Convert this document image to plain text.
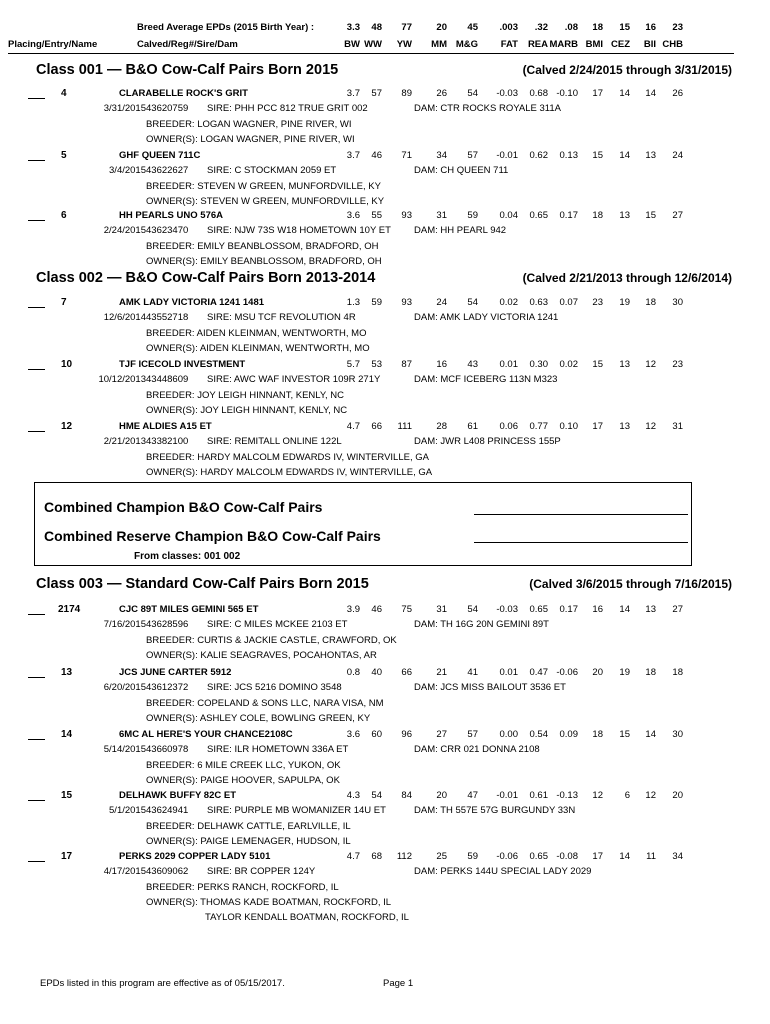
Breed Average EPDs (2015 Birth Year) :
Placing/Entry/Name	Calved/Reg#/Sire/Dam
3.3	48	77	20	45	.003	.32	.08	18	15	16	23
BW WW	YW	MM M&G	FAT	REA MARB BMI CEZ	BII CHB
Class 001 — B&O Cow-Calf Pairs Born 2015	(Calved 2/24/2015 through 3/31/2015)
4	CLARABELLE ROCK'S GRIT	3.7	57	89	26	54	-0.03	0.68 -0.10	17	14	14	26
3/31/2015 43620759 SIRE: PHH PCC 812 TRUE GRIT 002	DAM: CTR ROCKS ROYALE 311A
BREEDER: LOGAN WAGNER, PINE RIVER, WI
OWNER(S): LOGAN WAGNER, PINE RIVER, WI
5	GHF QUEEN 711C	3.7	46	71	34	57	-0.01	0.62	0.13	15	14	13	24
3/4/2015 43622627 SIRE: C STOCKMAN 2059 ET	DAM: CH QUEEN 711
BREEDER: STEVEN W GREEN, MUNFORDVILLE, KY
OWNER(S): STEVEN W GREEN, MUNFORDVILLE, KY
6	HH PEARLS UNO 576A	3.6	55	93	31	59	0.04	0.65	0.17	18	13	15	27
2/24/2015 43623470 SIRE: NJW 73S W18 HOMETOWN 10Y ET DAM: HH PEARL 942
BREEDER: EMILY BEANBLOSSOM, BRADFORD, OH
OWNER(S): EMILY BEANBLOSSOM, BRADFORD, OH
Class 002 — B&O Cow-Calf Pairs Born 2013-2014	(Calved 2/21/2013 through 12/6/2014)
7	AMK LADY VICTORIA 1241 1481	1.3	59	93	24	54	0.02	0.63	0.07	23	19	18	30
12/6/2014 43552718 SIRE: MSU TCF REVOLUTION 4R	DAM: AMK LADY VICTORIA 1241
BREEDER: AIDEN KLEINMAN, WENTWORTH, MO
OWNER(S): AIDEN KLEINMAN, WENTWORTH, MO
10	TJF ICECOLD INVESTMENT	5.7	53	87	16	43	0.01	0.30	0.02	15	13	12	23
10/12/2013 43448609 SIRE: AWC WAF INVESTOR 109R 271Y	DAM: MCF ICEBERG 113N M323
BREEDER: JOY LEIGH HINNANT, KENLY, NC
OWNER(S): JOY LEIGH HINNANT, KENLY, NC
12	HME ALDIES A15 ET	4.7	66	111	28	61	0.06	0.77	0.10	17	13	12	31
2/21/2013 43382100 SIRE: REMITALL ONLINE 122L	DAM: JWR L408 PRINCESS 155P
BREEDER: HARDY MALCOLM EDWARDS IV, WINTERVILLE, GA
OWNER(S): HARDY MALCOLM EDWARDS IV, WINTERVILLE, GA
Class 003 — Standard Cow-Calf Pairs Born 2015	(Calved 3/6/2015 through 7/16/2015)
2174	CJC 89T MILES GEMINI 565 ET	3.9	46	75	31	54	-0.03	0.65	0.17	16	14	13	27
7/16/2015 43628596 SIRE: C MILES MCKEE 2103 ET	DAM: TH 16G 20N GEMINI 89T
BREEDER: CURTIS & JACKIE CASTLE, CRAWFORD, OK
OWNER(S): KALIE SEAGRAVES, POCAHONTAS, AR
13	JCS JUNE CARTER 5912	0.8	40	66	21	41	0.01	0.47 -0.06	20	19	18	18
6/20/2015 43612372 SIRE: JCS 5216 DOMINO 3548	DAM: JCS MISS BAILOUT 3536 ET
BREEDER: COPELAND & SONS LLC, NARA VISA, NM
OWNER(S): ASHLEY COLE, BOWLING GREEN, KY
14	6MC AL HERE'S YOUR CHANCE2108C	3.6	60	96	27	57	0.00	0.54	0.09	18	15	14	30
5/14/2015 43660978 SIRE: ILR HOMETOWN 336A ET	DAM: CRR 021 DONNA 2108
BREEDER: 6 MILE CREEK LLC, YUKON, OK
OWNER(S): PAIGE HOOVER, SAPULPA, OK
15	DELHAWK BUFFY 82C ET	4.3	54	84	20	47	-0.01	0.61 -0.13	12	6	12	20
5/1/2015 43624941 SIRE: PURPLE MB WOMANIZER 14U ET	DAM: TH 557E 57G BURGUNDY 33N
BREEDER: DELHAWK CATTLE, EARLVILLE, IL
OWNER(S): PAIGE LEMENAGER, HUDSON, IL
17	PERKS 2029 COPPER LADY 5101	4.7	68	112	25	59	-0.06	0.65 -0.08	17	14	11	34
4/17/2015 43609062 SIRE: BR COPPER 124Y	DAM: PERKS 144U SPECIAL LADY 2029
BREEDER: PERKS RANCH, ROCKFORD, IL
OWNER(S): THOMAS KADE BOATMAN, ROCKFORD, IL
TAYLOR KENDALL BOATMAN, ROCKFORD, IL
Combined Champion B&O Cow-Calf Pairs
Combined Reserve Champion B&O Cow-Calf Pairs
From classes: 001 002
EPDs listed in this program are effective as of 05/15/2017.	Page 1
